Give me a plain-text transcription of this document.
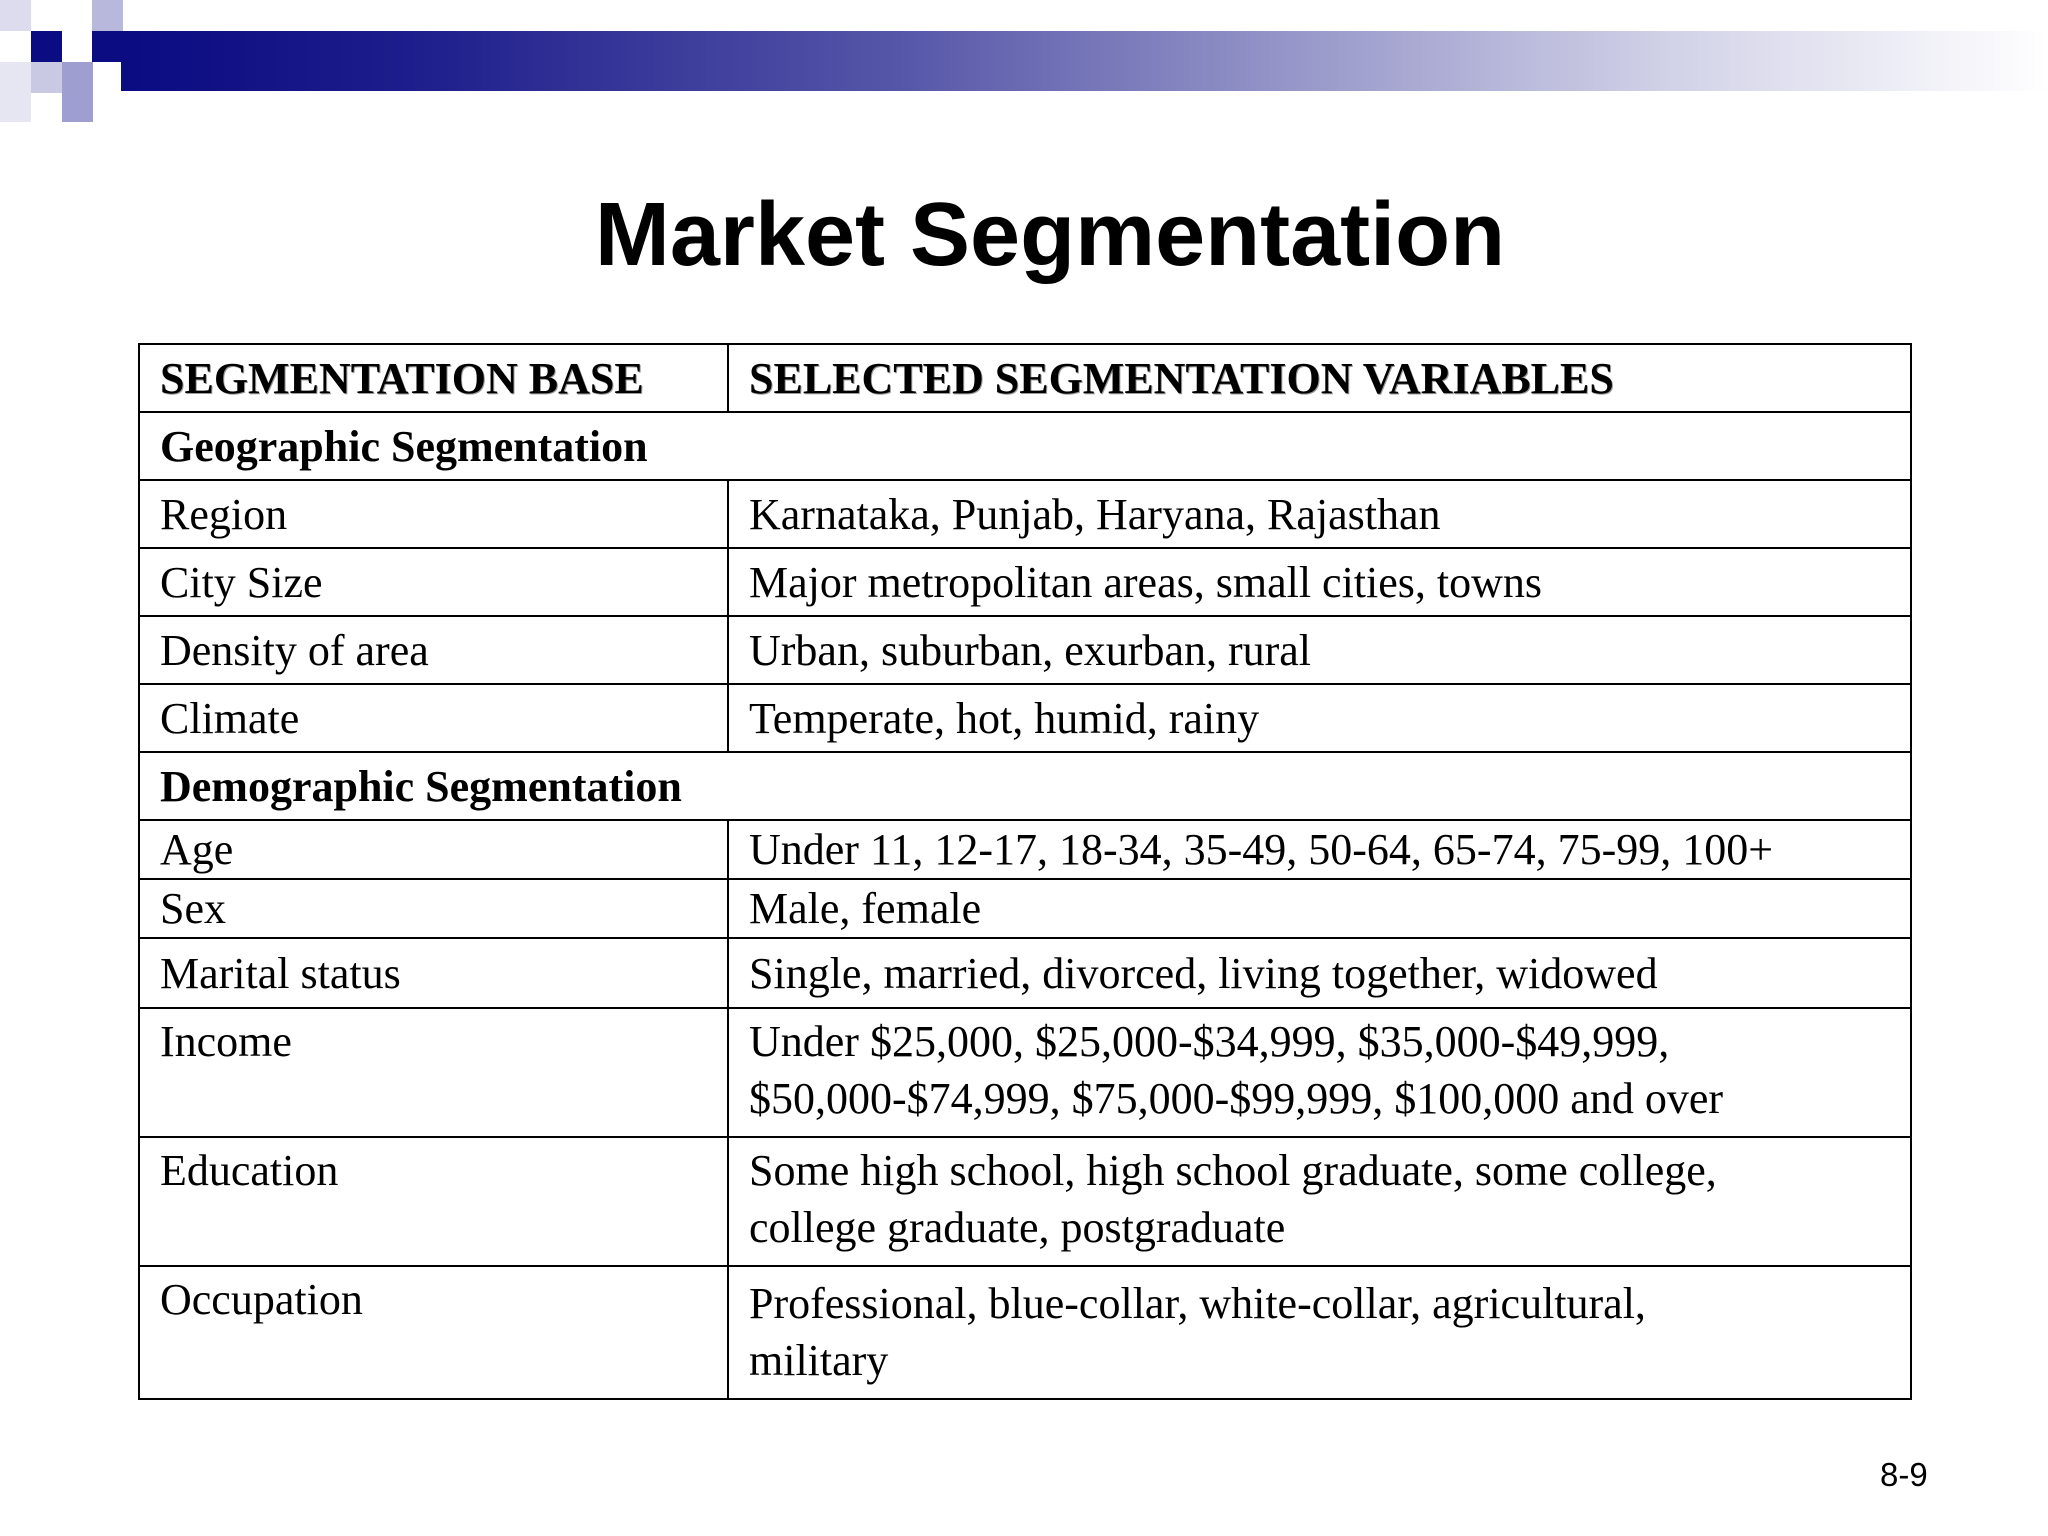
Market Segmentation
SEGMENTATION BASE	SELECTED SEGMENTATION VARIABLES
Geographic Segmentation	
Region	Karnataka, Punjab, Haryana, Rajasthan
City Size	Major metropolitan areas, small cities, towns
Density of area	Urban, suburban, exurban, rural
Climate	Temperate, hot, humid, rainy
Demographic Segmentation	
Age	Under 11, 12-17, 18-34, 35-49, 50-64, 65-74, 75-99, 100+
Sex	Male, female
Marital status	Single, married, divorced, living together, widowed
Income	Under $25,000, $25,000-$34,999, $35,000-$49,999,
$50,000-$74,999, $75,000-$99,999, $100,000 and over

Education	Some high school, high school graduate, some college,
college graduate, postgraduate

Occupation	Professional, blue-collar, white-collar, agricultural,
military
8-9
